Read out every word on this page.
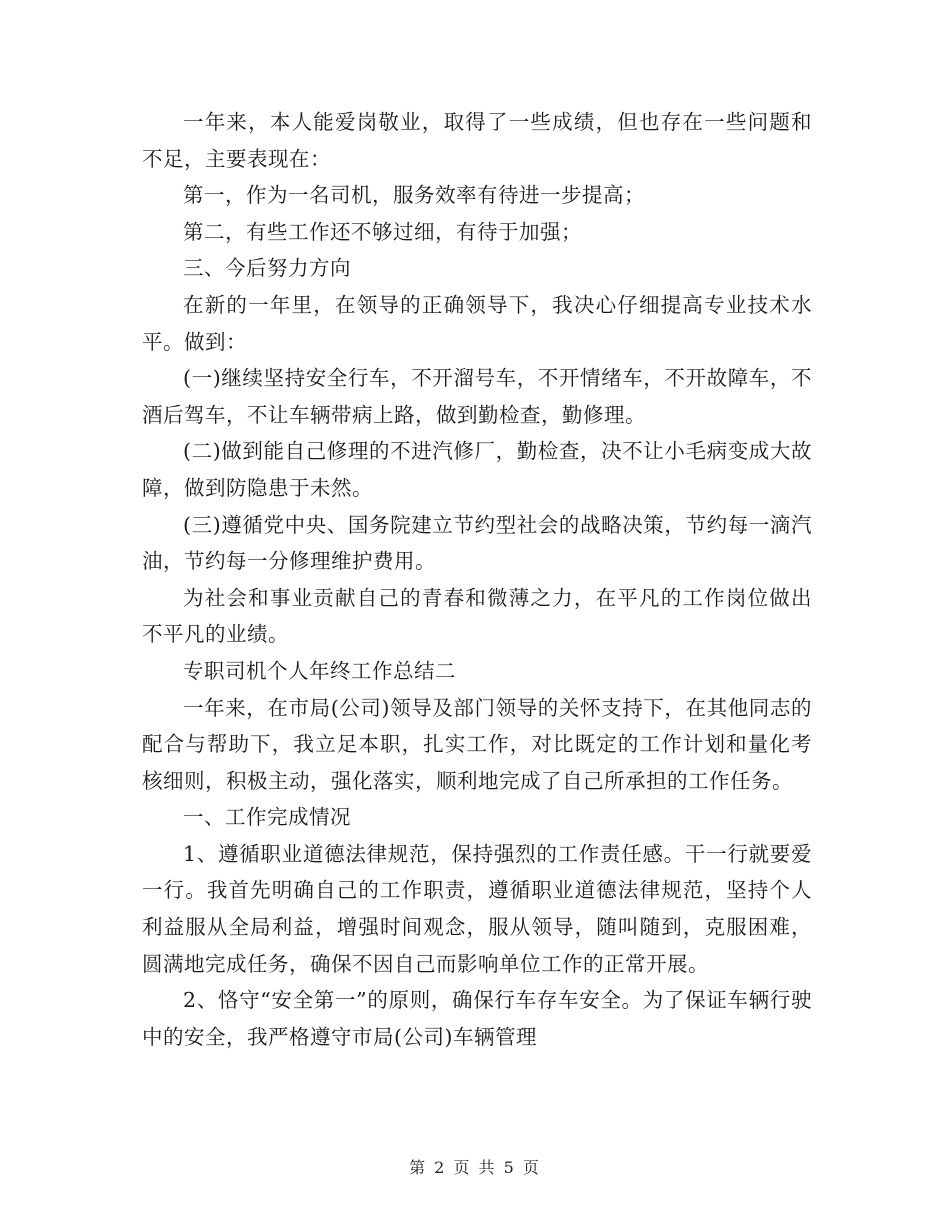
一年来，本人能爱岗敬业，取得了一些成绩，但也存在一些问题和不足，主要表现在：

第一，作为一名司机，服务效率有待进一步提高；

第二，有些工作还不够过细，有待于加强；

三、今后努力方向

在新的一年里，在领导的正确领导下，我决心仔细提高专业技术水平。做到：

(一)继续坚持安全行车，不开溜号车，不开情绪车，不开故障车，不酒后驾车，不让车辆带病上路，做到勤检查，勤修理。

(二)做到能自己修理的不进汽修厂，勤检查，决不让小毛病变成大故障，做到防隐患于未然。

(三)遵循党中央、国务院建立节约型社会的战略决策，节约每一滴汽油，节约每一分修理维护费用。

为社会和事业贡献自己的青春和微薄之力，在平凡的工作岗位做出不平凡的业绩。

专职司机个人年终工作总结二

一年来，在市局(公司)领导及部门领导的关怀支持下，在其他同志的配合与帮助下，我立足本职，扎实工作，对比既定的工作计划和量化考核细则，积极主动，强化落实，顺利地完成了自己所承担的工作任务。

一、工作完成情况

1、遵循职业道德法律规范，保持强烈的工作责任感。干一行就要爱一行。我首先明确自己的工作职责，遵循职业道德法律规范，坚持个人利益服从全局利益，增强时间观念，服从领导，随叫随到，克服困难，圆满地完成任务，确保不因自己而影响单位工作的正常开展。

2、恪守“安全第一”的原则，确保行车存车安全。为了保证车辆行驶中的安全，我严格遵守市局(公司)车辆管理

第 2 页 共 5 页
